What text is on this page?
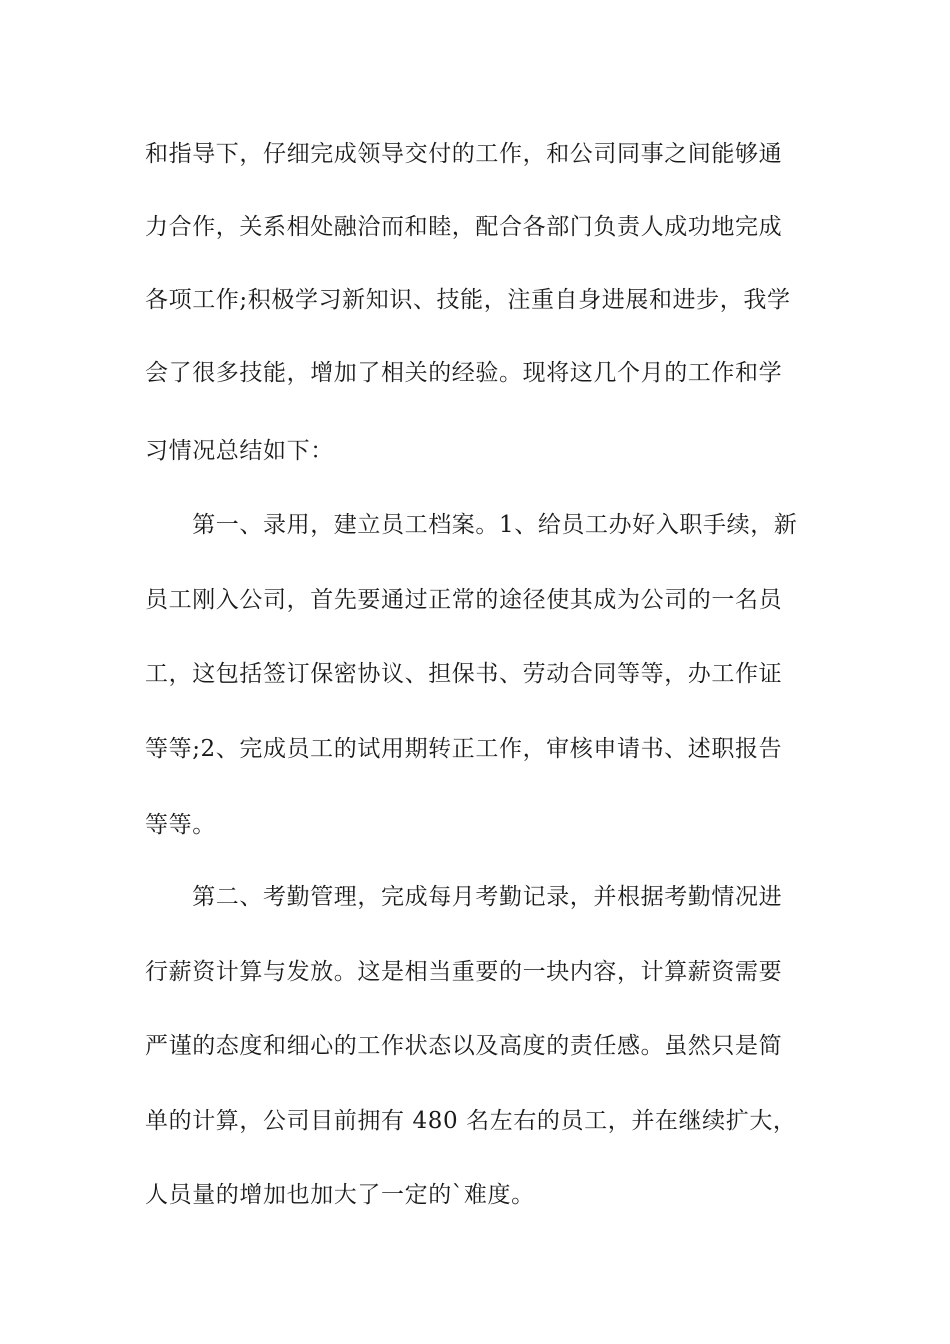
和指导下，仔细完成领导交付的工作，和公司同事之间能够通

力合作，关系相处融洽而和睦，配合各部门负责人成功地完成

各项工作;积极学习新知识、技能，注重自身进展和进步，我学

会了很多技能，增加了相关的经验。现将这几个月的工作和学

习情况总结如下：

　　第一、录用，建立员工档案。1、给员工办好入职手续，新

员工刚入公司，首先要通过正常的途径使其成为公司的一名员

工，这包括签订保密协议、担保书、劳动合同等等，办工作证

等等;2、完成员工的试用期转正工作，审核申请书、述职报告

等等。

　　第二、考勤管理，完成每月考勤记录，并根据考勤情况进

行薪资计算与发放。这是相当重要的一块内容，计算薪资需要

严谨的态度和细心的工作状态以及高度的责任感。虽然只是简

单的计算，公司目前拥有 480 名左右的员工，并在继续扩大，

人员量的增加也加大了一定的`难度。
